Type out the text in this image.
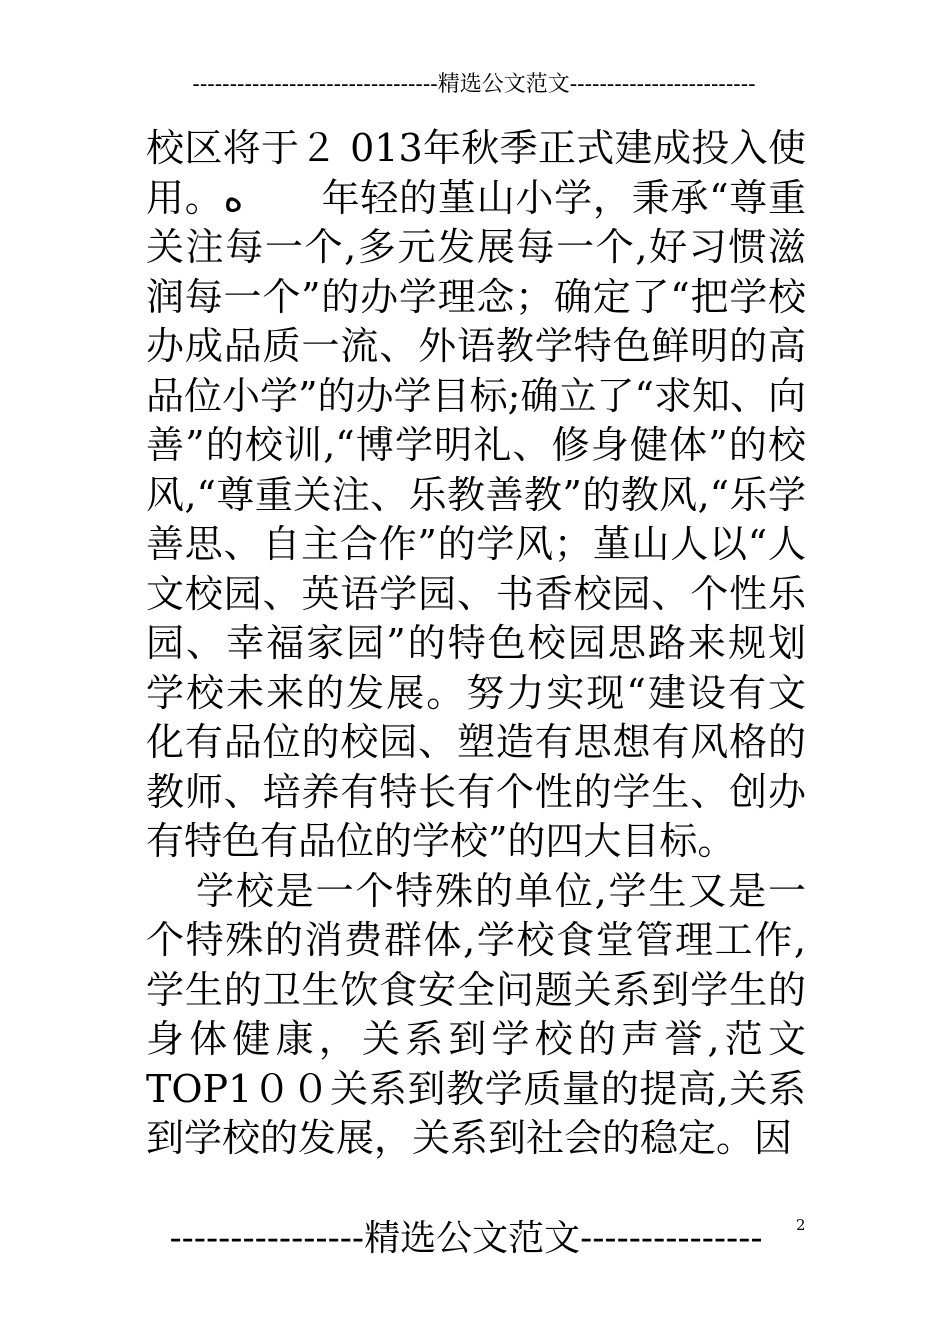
---------------------------------精选公文范文-------------------------

校区将于２ 013年秋季正式建成投入使用。ﻩ　　年轻的堇山小学，秉承“尊重关注每一个,多元发展每一个,好习惯滋润每一个”的办学理念；确定了“把学校办成品质一流、外语教学特色鲜明的高品位小学”的办学目标;确立了“求知、向善”的校训,“博学明礼、修身健体”的校风,“尊重关注、乐教善教”的教风,“乐学善思、自主合作”的学风；堇山人以“人文校园、英语学园、书香校园、个性乐园、幸福家园”的特色校园思路来规划学校未来的发展。努力实现“建设有文化有品位的校园、塑造有思想有风格的教师、培养有特长有个性的学生、创办有特色有品位的学校”的四大目标。

学校是一个特殊的单位,学生又是一个特殊的消费群体,学校食堂管理工作,学生的卫生饮食安全问题关系到学生的身体健康，关系到学校的声誉,范文TOP1００关系到教学质量的提高,关系到学校的发展，关系到社会的稳定。因

----------------精选公文范文---------------	2
